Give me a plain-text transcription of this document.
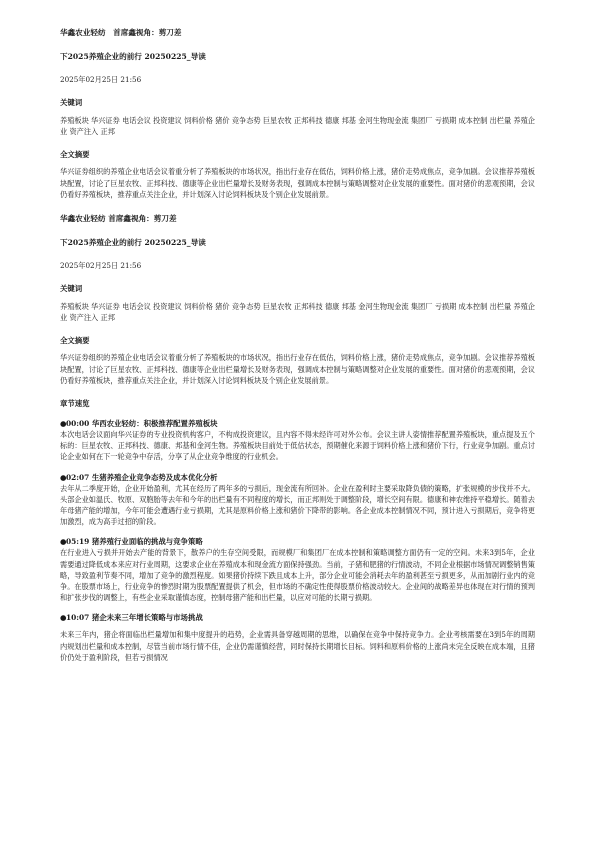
华鑫农业轻纺　首席鑫视角：剪刀差
下2025养殖企业的前行 20250225_导读
2025年02月25日 21:56
关键词
养殖板块 华兴证券 电话会议 投资建议 饲料价格 猪价 竞争态势 巨星农牧 正邦科技 德康 邦基 金河生物现金流 集团厂 亏损期 成本控制 出栏量 养殖企业 资产注入 正邦
全文摘要
华兴证券组织的养殖企业电话会议着重分析了养殖板块的市场状况，指出行业存在低估，饲料价格上涨，猪价走势成焦点，竞争加剧。会议推荐养殖板块配置，讨论了巨星农牧、正邦科技、德康等企业出栏量增长及财务表现，强调成本控制与策略调整对企业发展的重要性。面对猪价的悲观预期，会议仍看好养殖板块，推荐重点关注企业，并计划深入讨论饲料板块及个别企业发展前景。
华鑫农业轻纺 首席鑫视角：剪刀差
下2025养殖企业的前行 20250225_导读
2025年02月25日 21:56
关键词
养殖板块 华兴证券 电话会议 投资建议 饲料价格 猪价 竞争态势 巨星农牧 正邦科技 德康 邦基 金河生物现金流 集团厂 亏损期 成本控制 出栏量 养殖企业 资产注入 正邦
全文摘要
华兴证券组织的养殖企业电话会议着重分析了养殖板块的市场状况，指出行业存在低估，饲料价格上涨，猪价走势成焦点，竞争加剧。会议推荐养殖板块配置，讨论了巨星农牧、正邦科技、德康等企业出栏量增长及财务表现，强调成本控制与策略调整对企业发展的重要性。面对猪价的悲观预期，会议仍看好养殖板块，推荐重点关注企业，并计划深入讨论饲料板块及个别企业发展前景。
章节速览
● 00:00 华西农业轻纺：积极推荐配置养殖板块
本次电话会议面向华兴证券的专业投资机构客户，不构成投资建议，且内容不得未经许可对外公布。会议主讲人姿情推荐配置养殖板块，重点提及五个标的：巨星农牧、正邦科技、德康、邦基和金河生物。养殖板块目前处于低估状态，预期催化来源于饲料价格上涨和猪价下行，行业竞争加剧。重点讨论企业如何在下一轮竞争中存活，分享了从企业竞争维度的行业机会。
● 02:07 生猪养殖企业竞争态势及成本优化分析
去年从二季度开始，企业开始盈利，尤其在经历了两年多的亏损后，现金流有所回补。企业在盈利时主要采取降负债的策略，扩张规模的步伐并不大。头部企业如温氏、牧原、双胞胎等去年和今年的出栏量有不同程度的增长，而正邦则处于调整阶段，增长空间有限。德康和神农维持平稳增长。随着去年母猪产能的增加，今年可能会遭遇行业亏损期，尤其是原料价格上涨和猪价下降带的影响。各企业成本控制情况不同，预计进入亏损期后，竞争将更加激烈，成为高手过招的阶段。
● 05:19 猪养殖行业面临的挑战与竞争策略
在行业进入亏损并开始去产能的背景下，散养户的生存空间受限，而规模厂和集团厂在成本控制和策略调整方面仍有一定的空间。未来3到5年，企业需要通过降低成本来应对行业周期，这要求企业在养殖成本和现金流方面保持强劲。当前，子猪和肥猪的行情波动，不同企业根据市场情况调整销售策略，导致盈利节奏不同，增加了竞争的激烈程度。如果猪价持续下跌且成本上升，部分企业可能会消耗去年的盈利甚至亏损更多，从而加剧行业内的竞争。在股票市场上，行业竞争的惨烈时期为股票配置提供了机会，但市场的不确定性使得股票价格波动较大。企业间的战略差异也体现在对行情的预判和扩张步伐的调整上，有些企业采取谨慎态度，控制母猪产能和出栏量，以应对可能的长期亏损期。
● 10:07 猪企未来三年增长策略与市场挑战
未来三年内，猪企将面临出栏量增加和集中度提升的趋势，企业需具备穿越周期的思维，以确保在竞争中保持竞争力。企业考核需要在3到5年的周期内规划出栏量和成本控制，尽管当前市场行情不佳，企业仍需谨慎经营，同时保持长期增长目标。饲料和原料价格的上涨尚未完全反映在成本端，且猪价仍处于盈利阶段，但若亏损情况
